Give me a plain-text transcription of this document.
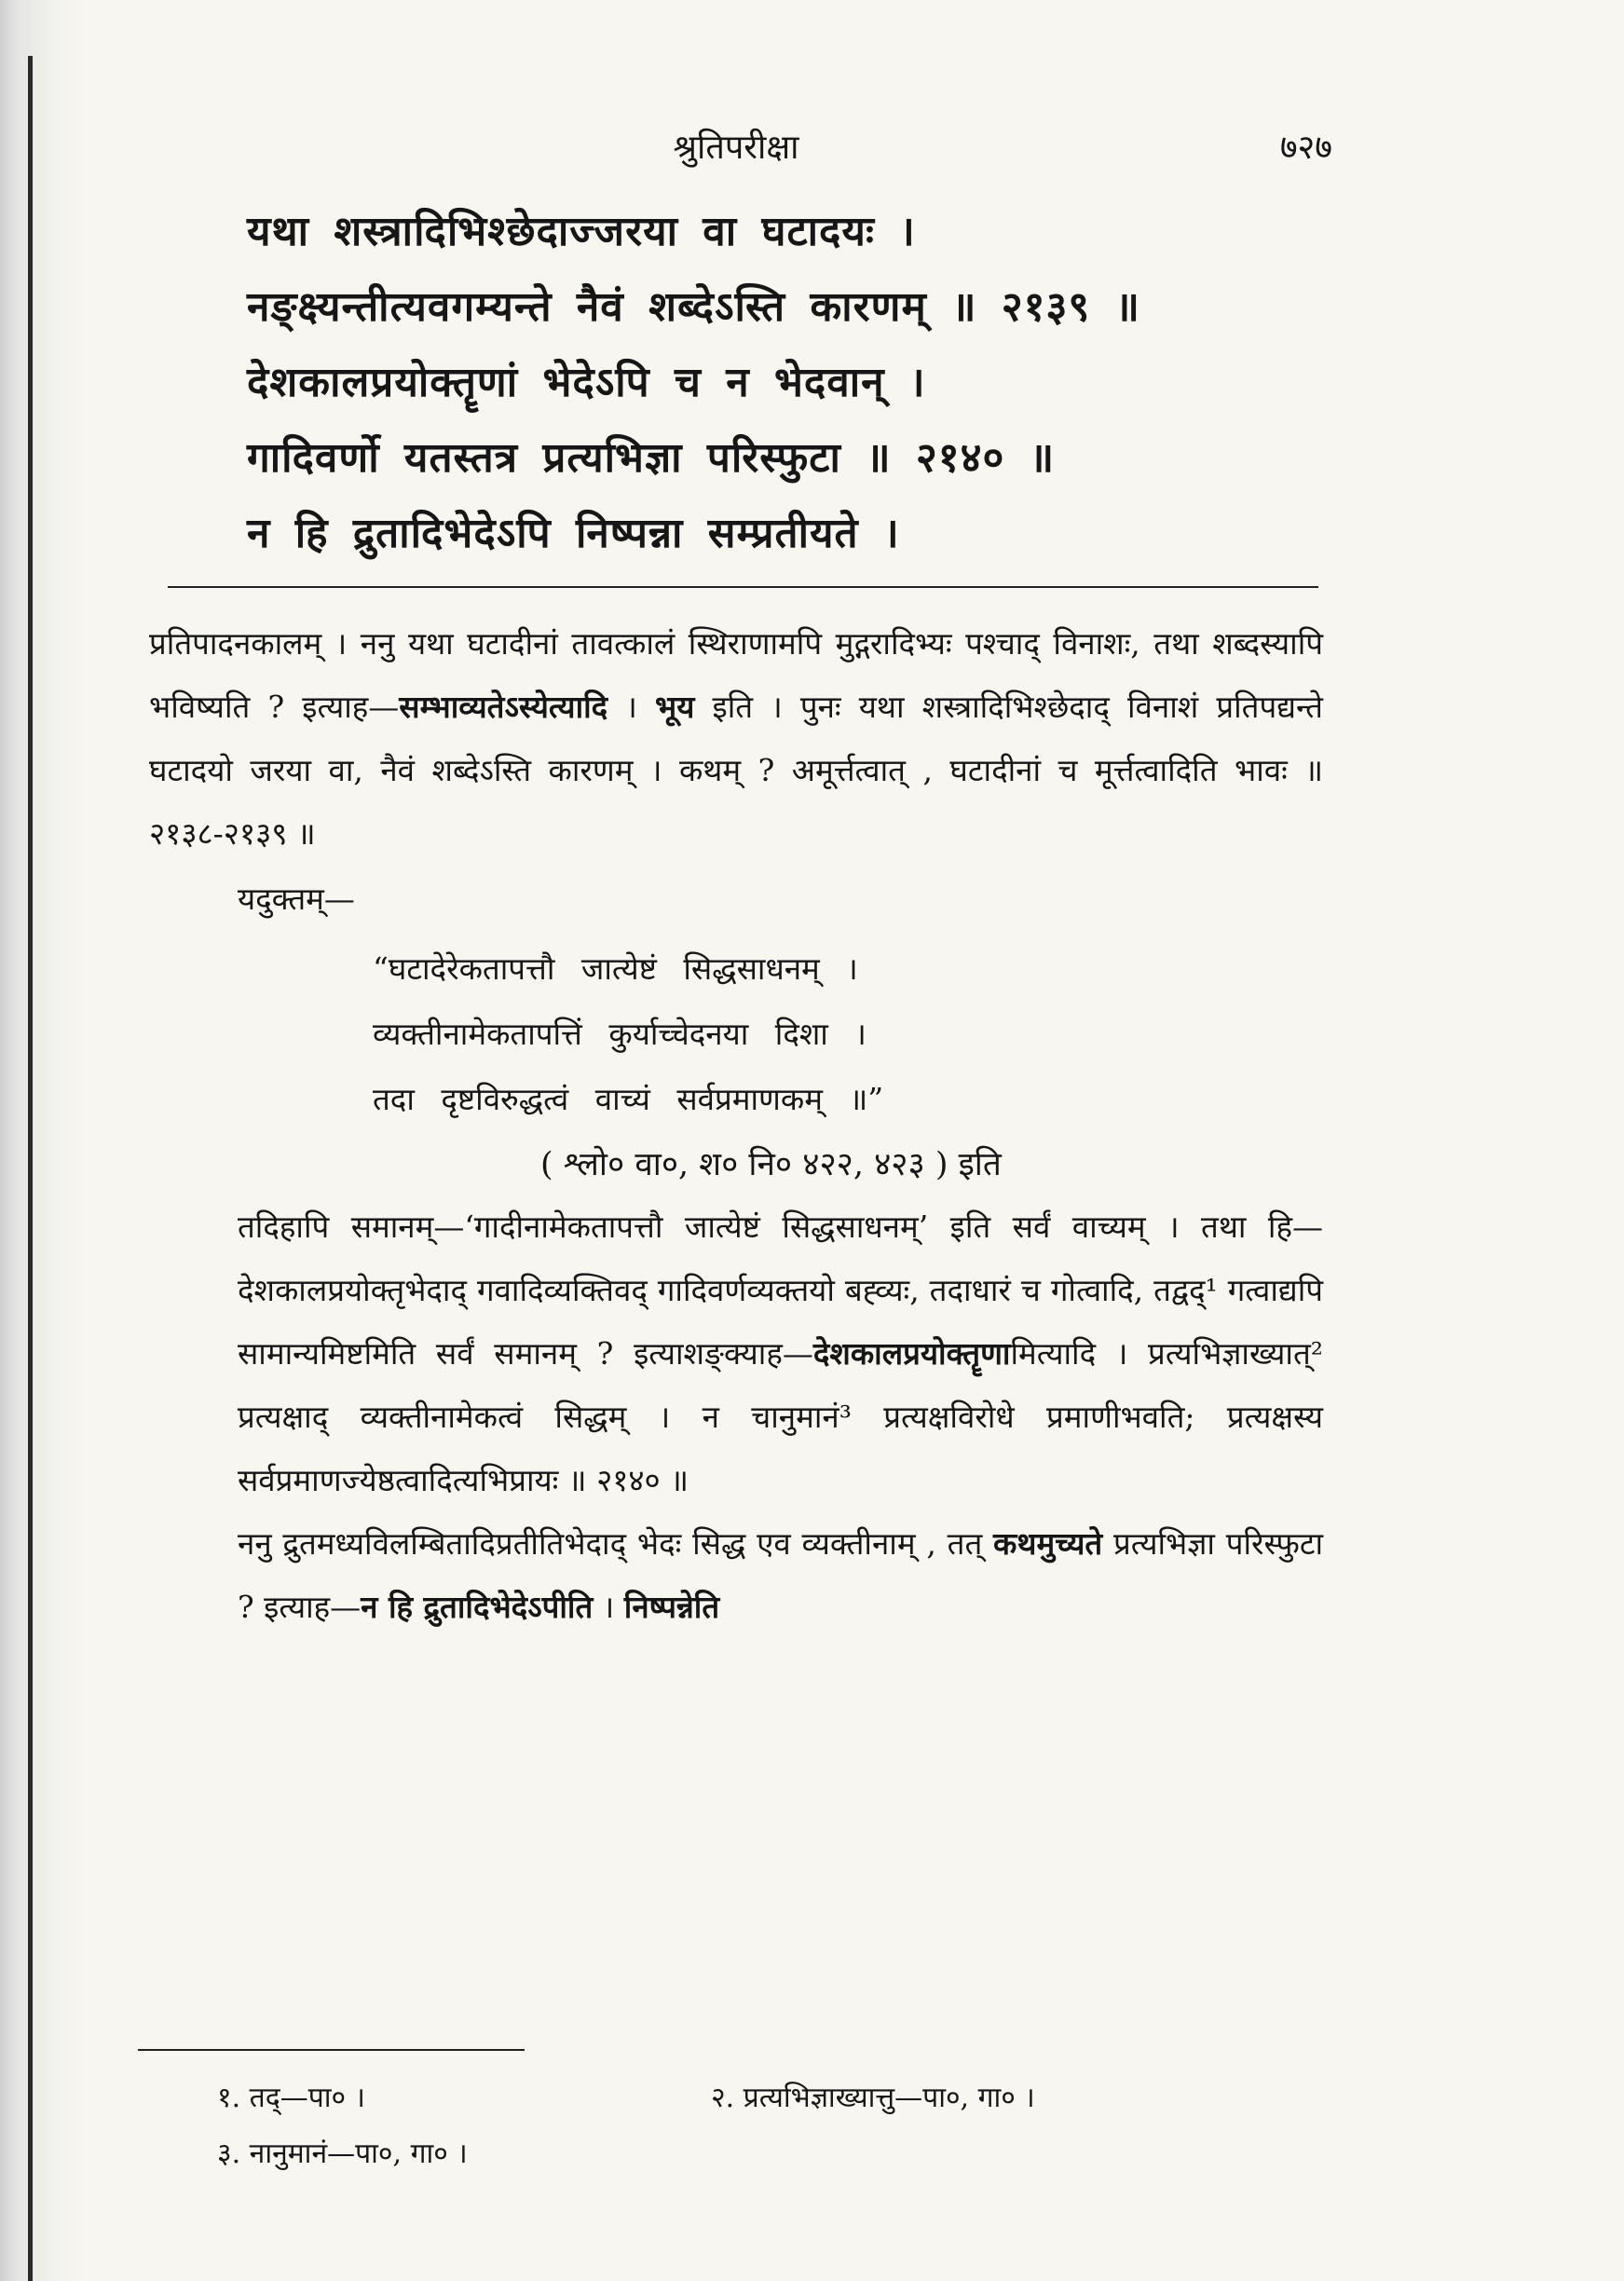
श्रुतिपरीक्षा	७२७
यथा शस्त्रादिभिश्छेदाज्जरया वा घटादयः ।
नङ्क्ष्यन्तीत्यवगम्यन्ते नैवं शब्देऽस्ति कारणम् ॥ २१३९ ॥
देशकालप्रयोक्तॄणां भेदेऽपि च न भेदवान् ।
गादिवर्णो यतस्तत्र प्रत्यभिज्ञा परिस्फुटा ॥ २१४० ॥
न हि द्रुतादिभेदेऽपि निष्पन्ना सम्प्रतीयते ।

प्रतिपादनकालम् । ननु यथा घटादीनां तावत्कालं स्थिराणामपि मुद्गरादिभ्यः पश्चाद् विनाशः, तथा शब्दस्यापि भविष्यति ? इत्याह—सम्भाव्यतेऽस्येत्यादि । भूय इति । पुनः यथा शस्त्रादिभिश्छेदाद् विनाशं प्रतिपद्यन्ते घटादयो जरया वा, नैवं शब्देऽस्ति कारणम् । कथम् ? अमूर्त्तत्वात् , घटादीनां च मूर्त्तत्वादिति भावः ॥ २१३८-२१३९ ॥

यदुक्तम्—

“घटादेरेकतापत्तौ जात्येष्टं सिद्धसाधनम् ।
व्यक्तीनामेकतापत्तिं कुर्याच्चेदनया दिशा ।
तदा दृष्टविरुद्धत्वं वाच्यं सर्वप्रमाणकम् ॥”

( श्लो० वा०, श० नि० ४२२, ४२३ ) इति

तदिहापि समानम्—‘गादीनामेकतापत्तौ जात्येष्टं सिद्धसाधनम्’ इति सर्वं वाच्यम् । तथा हि—देशकालप्रयोक्तृभेदाद् गवादिव्यक्तिवद् गादिवर्णव्यक्तयो बह्व्यः, तदाधारं च गोत्वादि, तद्वद्¹ गत्वाद्यपि सामान्यमिष्टमिति सर्वं समानम् ? इत्याशङ्क्याह—देशकालप्रयोक्तॄणामित्यादि । प्रत्यभिज्ञाख्यात्² प्रत्यक्षाद् व्यक्तीनामेकत्वं सिद्धम् । न चानुमानं³ प्रत्यक्षविरोधे प्रमाणीभवति; प्रत्यक्षस्य सर्वप्रमाणज्येष्ठत्वादित्यभिप्रायः ॥ २१४० ॥

ननु द्रुतमध्यविलम्बितादिप्रतीतिभेदाद् भेदः सिद्ध एव व्यक्तीनाम् , तत् कथमुच्यते प्रत्यभिज्ञा परिस्फुटा ? इत्याह—न हि द्रुतादिभेदेऽपीति । निष्पन्नेति

१. तद्—पा० ।	२. प्रत्यभिज्ञाख्यात्तु—पा०, गा० ।
३. नानुमानं—पा०, गा० ।
